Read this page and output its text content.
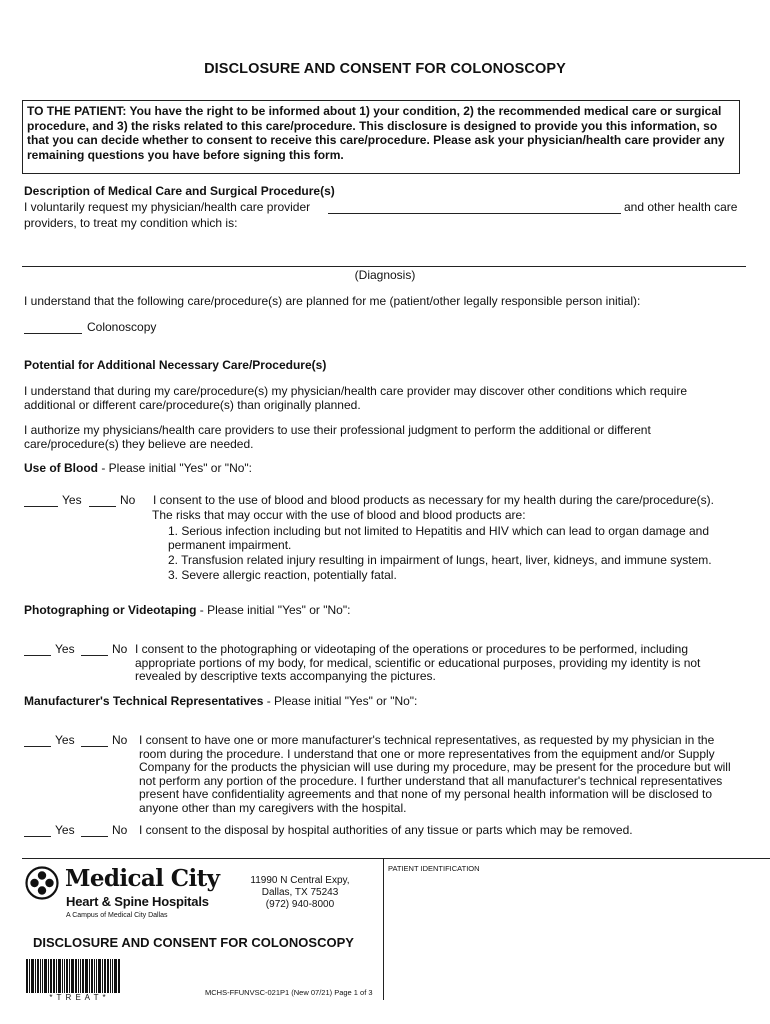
DISCLOSURE AND CONSENT FOR COLONOSCOPY
TO THE PATIENT: You have the right to be informed about 1) your condition, 2) the recommended medical care or surgical procedure, and 3) the risks related to this care/procedure. This disclosure is designed to provide you this information, so that you can decide whether to consent to receive this care/procedure. Please ask your physician/health care provider any remaining questions you have before signing this form.
Description of Medical Care and Surgical Procedure(s)
I voluntarily request my physician/health care provider	and other health care
providers, to treat my condition which is:
(Diagnosis)
I understand that the following care/procedure(s) are planned for me (patient/other legally responsible person initial):
Colonoscopy
Potential for Additional Necessary Care/Procedure(s)
I understand that during my care/procedure(s) my physician/health care provider may discover other conditions which require additional or different care/procedure(s) than originally planned.
I authorize my physicians/health care providers to use their professional judgment to perform the additional or different care/procedure(s) they believe are needed.
Use of Blood - Please initial "Yes" or "No":
Yes	No I consent to the use of blood and blood products as necessary for my health during the care/procedure(s).
The risks that may occur with the use of blood and blood products are:
1. Serious infection including but not limited to Hepatitis and HIV which can lead to organ damage and permanent impairment.
2. Transfusion related injury resulting in impairment of lungs, heart, liver, kidneys, and immune system.
3. Severe allergic reaction, potentially fatal.
Photographing or Videotaping - Please initial "Yes" or "No":
Yes	No I consent to the photographing or videotaping of the operations or procedures to be performed, including appropriate portions of my body, for medical, scientific or educational purposes, providing my identity is not revealed by descriptive texts accompanying the pictures.
Manufacturer's Technical Representatives - Please initial "Yes" or "No":
Yes	No I consent to have one or more manufacturer's technical representatives, as requested by my physician in the room during the procedure. I understand that one or more representatives from the equipment and/or Supply Company for the products the physician will use during my procedure, may be present for the procedure but will not perform any portion of the procedure. I further understand that all manufacturer's technical representatives present have confidentiality agreements and that none of my personal health information will be disclosed to anyone other than my caregivers with the hospital.
Yes	No I consent to the disposal by hospital authorities of any tissue or parts which may be removed.
Medical City
Heart & Spine Hospitals
A Campus of Medical City Dallas
11990 N Central Expy,
Dallas, TX 75243
(972) 940-8000
PATIENT IDENTIFICATION
DISCLOSURE AND CONSENT FOR COLONOSCOPY
* T R E A T *
MCHS-FFUNVSC-021P1 (New 07/21) Page 1 of 3
